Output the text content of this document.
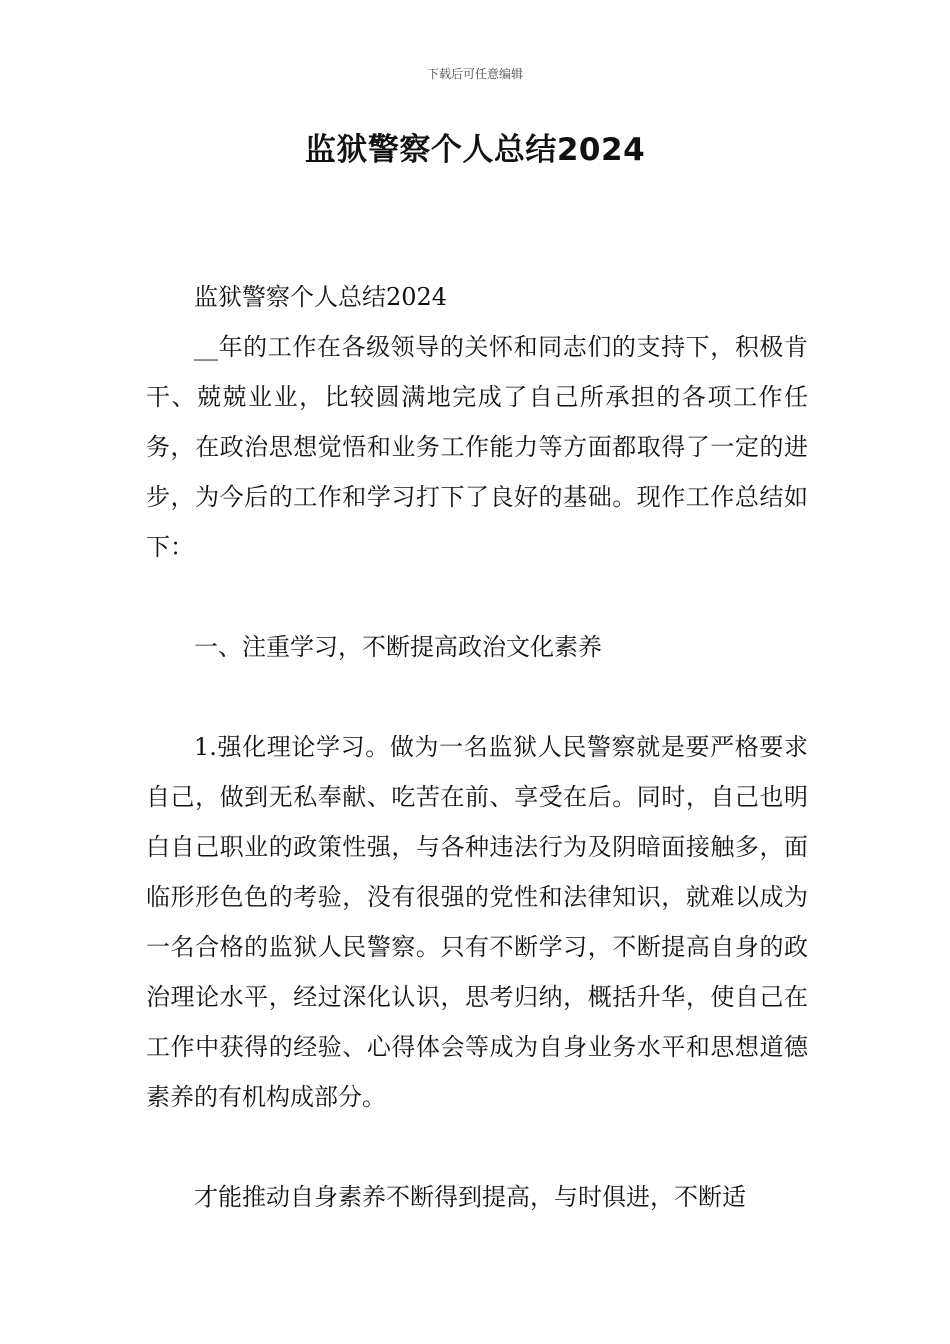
下载后可任意编辑
监狱警察个人总结2024

监狱警察个人总结2024

__年的工作在各级领导的关怀和同志们的支持下，积极肯干、兢兢业业，比较圆满地完成了自己所承担的各项工作任务，在政治思想觉悟和业务工作能力等方面都取得了一定的进步，为今后的工作和学习打下了良好的基础。现作工作总结如下：

一、注重学习，不断提高政治文化素养

1.强化理论学习。做为一名监狱人民警察就是要严格要求自己，做到无私奉献、吃苦在前、享受在后。同时，自己也明白自己职业的政策性强，与各种违法行为及阴暗面接触多，面临形形色色的考验，没有很强的党性和法律知识，就难以成为一名合格的监狱人民警察。只有不断学习，不断提高自身的政治理论水平，经过深化认识，思考归纳，概括升华，使自己在工作中获得的经验、心得体会等成为自身业务水平和思想道德素养的有机构成部分。

才能推动自身素养不断得到提高，与时俱进，不断适
